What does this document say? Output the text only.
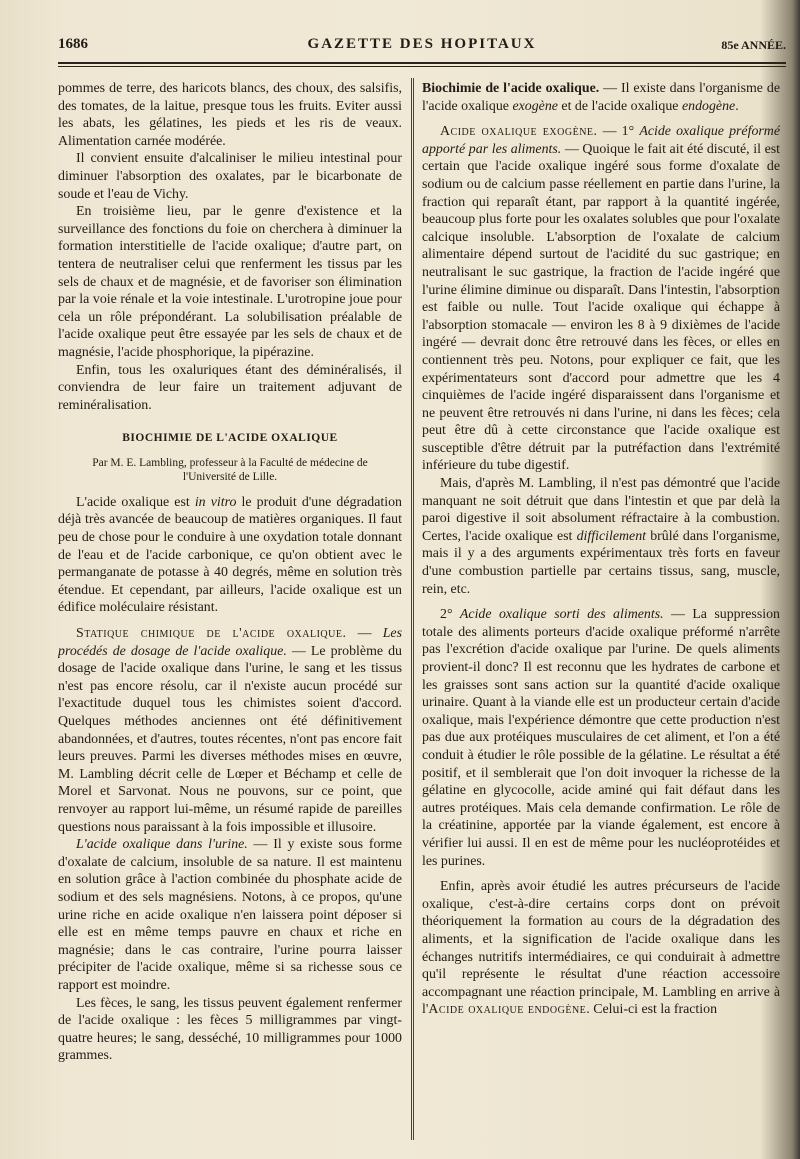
1686	GAZETTE DES HOPITAUX	85e ANNÉE.

pommes de terre, des haricots blancs, des choux, des salsifis, des tomates, de la laitue, presque tous les fruits. Eviter aussi les abats, les gélatines, les pieds et les ris de veaux. Alimentation carnée modérée.

Il convient ensuite d'alcaliniser le milieu intestinal pour diminuer l'absorption des oxalates, par le bicarbonate de soude et l'eau de Vichy.

En troisième lieu, par le genre d'existence et la surveillance des fonctions du foie on cherchera à diminuer la formation interstitielle de l'acide oxalique; d'autre part, on tentera de neutraliser celui que renferment les tissus par les sels de chaux et de magnésie, et de favoriser son élimination par la voie rénale et la voie intestinale. L'urotropine joue pour cela un rôle prépondérant. La solubilisation préalable de l'acide oxalique peut être essayée par les sels de chaux et de magnésie, l'acide phosphorique, la pipérazine.

Enfin, tous les oxaluriques étant des déminéralisés, il conviendra de leur faire un traitement adjuvant de reminéralisation.

BIOCHIMIE DE L'ACIDE OXALIQUE
Par M. E. Lambling, professeur à la Faculté de médecine de l'Université de Lille.

L'acide oxalique est in vitro le produit d'une dégradation déjà très avancée de beaucoup de matières organiques. Il faut peu de chose pour le conduire à une oxydation totale donnant de l'eau et de l'acide carbonique, ce qu'on obtient avec le permanganate de potasse à 40 degrés, même en solution très étendue. Et cependant, par ailleurs, l'acide oxalique est un édifice moléculaire résistant.

Statique chimique de l'acide oxalique. — Les procédés de dosage de l'acide oxalique. — Le problème du dosage de l'acide oxalique dans l'urine, le sang et les tissus n'est pas encore résolu, car il n'existe aucun procédé sur l'exactitude duquel tous les chimistes soient d'accord. Quelques méthodes anciennes ont été définitivement abandonnées, et d'autres, toutes récentes, n'ont pas encore fait leurs preuves. Parmi les diverses méthodes mises en œuvre, M. Lambling décrit celle de Lœper et Béchamp et celle de Morel et Sarvonat. Nous ne pouvons, sur ce point, que renvoyer au rapport lui-même, un résumé rapide de pareilles questions nous paraissant à la fois impossible et illusoire.

L'acide oxalique dans l'urine. — Il y existe sous forme d'oxalate de calcium, insoluble de sa nature. Il est maintenu en solution grâce à l'action combinée du phosphate acide de sodium et des sels magnésiens. Notons, à ce propos, qu'une urine riche en acide oxalique n'en laissera point déposer si elle est en même temps pauvre en chaux et riche en magnésie; dans le cas contraire, l'urine pourra laisser précipiter de l'acide oxalique, même si sa richesse sous ce rapport est moindre.

Les fèces, le sang, les tissus peuvent également renfermer de l'acide oxalique : les fèces 5 milligrammes par vingt-quatre heures; le sang, desséché, 10 milligrammes pour 1000 grammes.

Biochimie de l'acide oxalique. — Il existe dans l'organisme de l'acide oxalique exogène et de l'acide oxalique endogène.

Acide oxalique exogène. — 1° Acide oxalique préformé apporté par les aliments. — Quoique le fait ait été discuté, il est certain que l'acide oxalique ingéré sous forme d'oxalate de sodium ou de calcium passe réellement en partie dans l'urine, la fraction qui reparaît étant, par rapport à la quantité ingérée, beaucoup plus forte pour les oxalates solubles que pour l'oxalate calcique insoluble. L'absorption de l'oxalate de calcium alimentaire dépend surtout de l'acidité du suc gastrique; en neutralisant le suc gastrique, la fraction de l'acide ingéré que l'urine élimine diminue ou disparaît. Dans l'intestin, l'absorption est faible ou nulle. Tout l'acide oxalique qui échappe à l'absorption stomacale — environ les 8 à 9 dixièmes de l'acide ingéré — devrait donc être retrouvé dans les fèces, or elles en contiennent très peu. Notons, pour expliquer ce fait, que les expérimentateurs sont d'accord pour admettre que les 4 cinquièmes de l'acide ingéré disparaissent dans l'organisme et ne peuvent être retrouvés ni dans l'urine, ni dans les fèces; cela peut être dû à cette circonstance que l'acide oxalique est susceptible d'être détruit par la putréfaction dans l'extrémité inférieure du tube digestif.

Mais, d'après M. Lambling, il n'est pas démontré que l'acide manquant ne soit détruit que dans l'intestin et que par delà la paroi digestive il soit absolument réfractaire à la combustion. Certes, l'acide oxalique est difficilement brûlé dans l'organisme, mais il y a des arguments expérimentaux très forts en faveur d'une combustion partielle par certains tissus, sang, muscle, rein, etc.

2° Acide oxalique sorti des aliments. — La suppression totale des aliments porteurs d'acide oxalique préformé n'arrête pas l'excrétion d'acide oxalique par l'urine. De quels aliments provient-il donc? Il est reconnu que les hydrates de carbone et les graisses sont sans action sur la quantité d'acide oxalique urinaire. Quant à la viande elle est un producteur certain d'acide oxalique, mais l'expérience démontre que cette production n'est pas due aux protéiques musculaires de cet aliment, et l'on a été conduit à étudier le rôle possible de la gélatine. Le résultat a été positif, et il semblerait que l'on doit invoquer la richesse de la gélatine en glycocolle, acide aminé qui fait défaut dans les autres protéiques. Mais cela demande confirmation. Le rôle de la créatinine, apportée par la viande également, est encore à vérifier lui aussi. Il en est de même pour les nucléoprotéides et les purines.

Enfin, après avoir étudié les autres précurseurs de l'acide oxalique, c'est-à-dire certains corps dont on prévoit théoriquement la formation au cours de la dégradation des aliments, et la signification de l'acide oxalique dans les échanges nutritifs intermédiaires, ce qui conduirait à admettre qu'il représente le résultat d'une réaction accessoire accompagnant une réaction principale, M. Lambling en arrive à l'Acide oxalique endogène. Celui-ci est la fraction
